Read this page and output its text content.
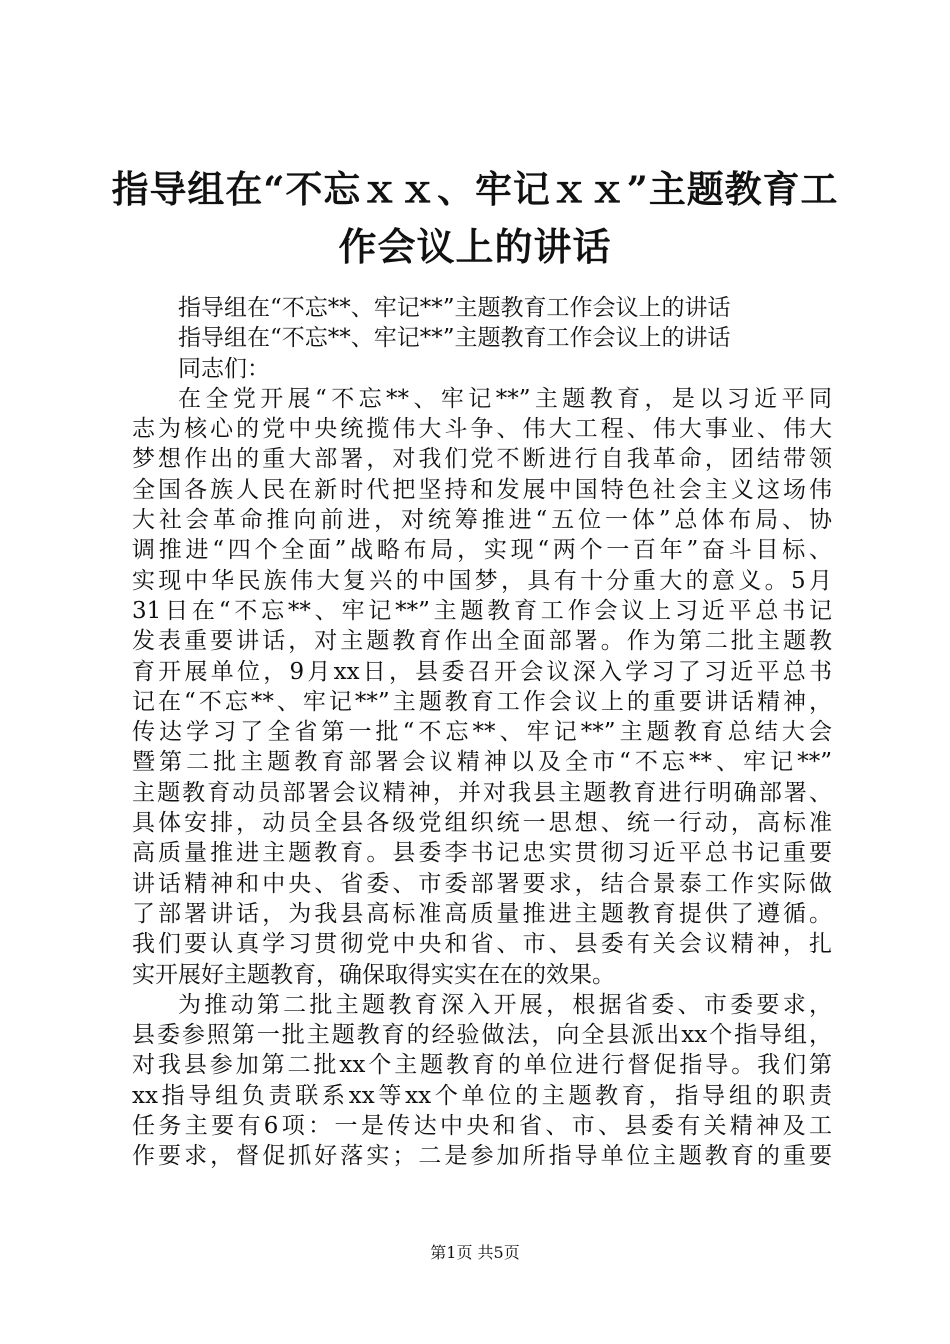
指导组在“不忘ｘｘ、牢记ｘｘ”主题教育工
作会议上的讲话
指导组在“不忘**、牢记**”主题教育工作会议上的讲话
指导组在“不忘**、牢记**”主题教育工作会议上的讲话
同志们：
在全党开展“不忘**、牢记**”主题教育，是以习近平同
志为核心的党中央统揽伟大斗争、伟大工程、伟大事业、伟大
梦想作出的重大部署，对我们党不断进行自我革命，团结带领
全国各族人民在新时代把坚持和发展中国特色社会主义这场伟
大社会革命推向前进，对统筹推进“五位一体”总体布局、协
调推进“四个全面”战略布局，实现“两个一百年”奋斗目标、
实现中华民族伟大复兴的中国梦，具有十分重大的意义。5月
31日在“不忘**、牢记**”主题教育工作会议上习近平总书记
发表重要讲话，对主题教育作出全面部署。作为第二批主题教
育开展单位，9月xx日，县委召开会议深入学习了习近平总书
记在“不忘**、牢记**”主题教育工作会议上的重要讲话精神，
传达学习了全省第一批“不忘**、牢记**”主题教育总结大会
暨第二批主题教育部署会议精神以及全市“不忘**、牢记**”
主题教育动员部署会议精神，并对我县主题教育进行明确部署、
具体安排，动员全县各级党组织统一思想、统一行动，高标准
高质量推进主题教育。县委李书记忠实贯彻习近平总书记重要
讲话精神和中央、省委、市委部署要求，结合景泰工作实际做
了部署讲话，为我县高标准高质量推进主题教育提供了遵循。
我们要认真学习贯彻党中央和省、市、县委有关会议精神，扎
实开展好主题教育，确保取得实实在在的效果。
为推动第二批主题教育深入开展，根据省委、市委要求，
县委参照第一批主题教育的经验做法，向全县派出xx个指导组，
对我县参加第二批xx个主题教育的单位进行督促指导。我们第
xx指导组负责联系xx等xx个单位的主题教育，指导组的职责
任务主要有6项：一是传达中央和省、市、县委有关精神及工
作要求，督促抓好落实；二是参加所指导单位主题教育的重要
第1页 共5页
